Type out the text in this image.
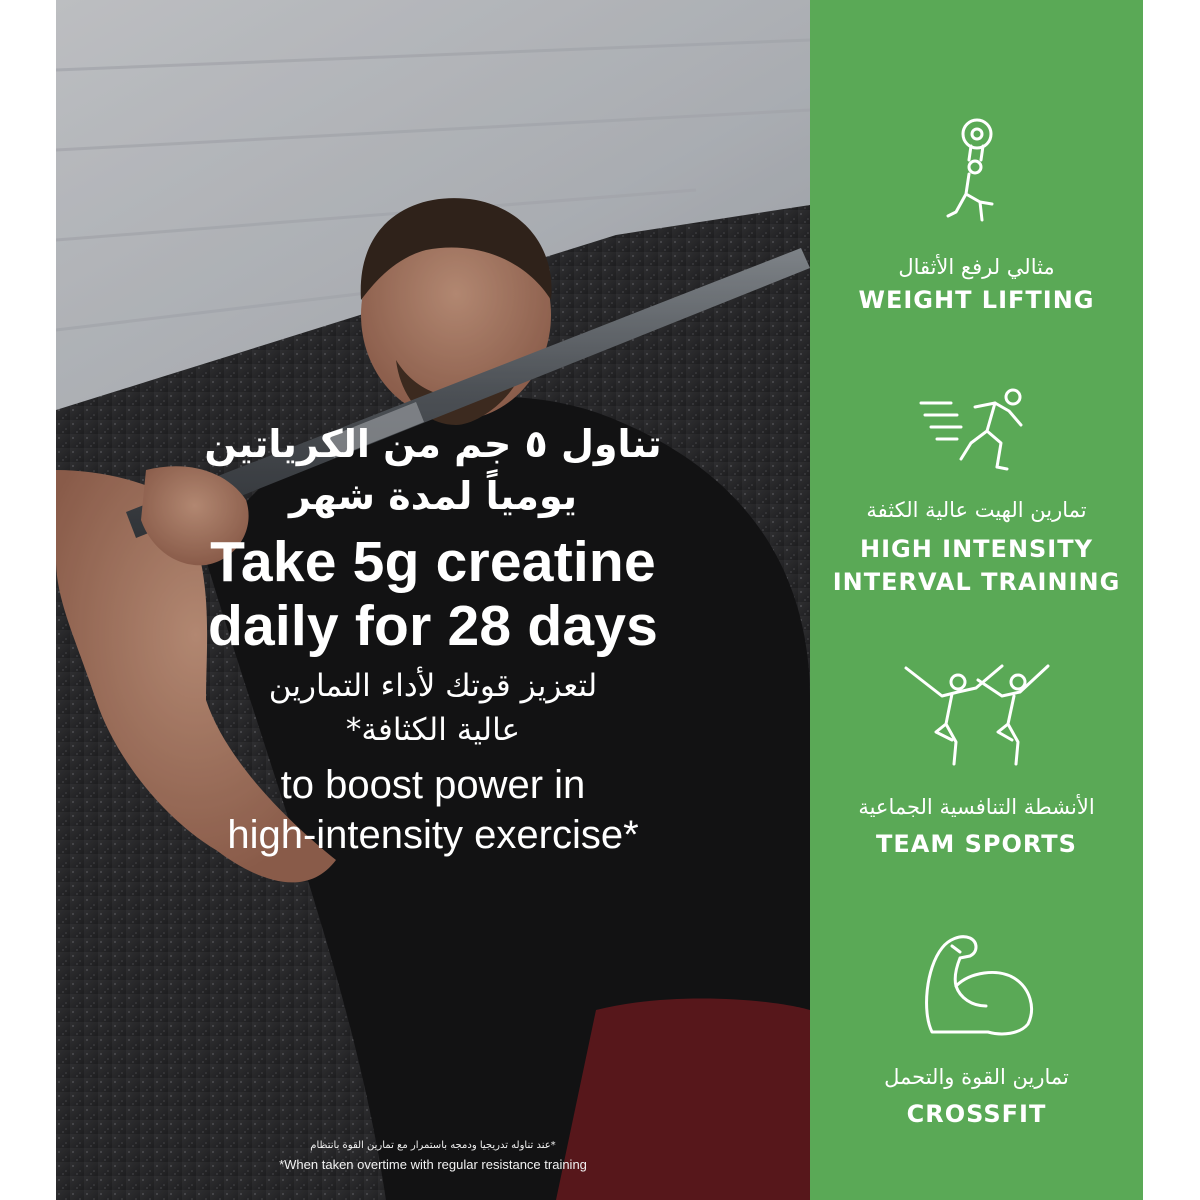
تناول ٥ جم من الكرياتين

يومياً لمدة شهر

Take 5g creatine
daily for 28 days

لتعزيز قوتك لأداء التمارين

عالية الكثافة*

to boost power in
high-intensity exercise*

*عند تناوله تدريجيا ودمجه باستمرار مع تمارين القوة بانتظام

*When taken overtime with regular resistance training

مثالي لرفع الأثقال

WEIGHT LIFTING

تمارين الهيت عالية الكثفة

HIGH INTENSITY

INTERVAL TRAINING

الأنشطة التنافسية الجماعية

TEAM SPORTS

تمارين القوة والتحمل

CROSSFIT
